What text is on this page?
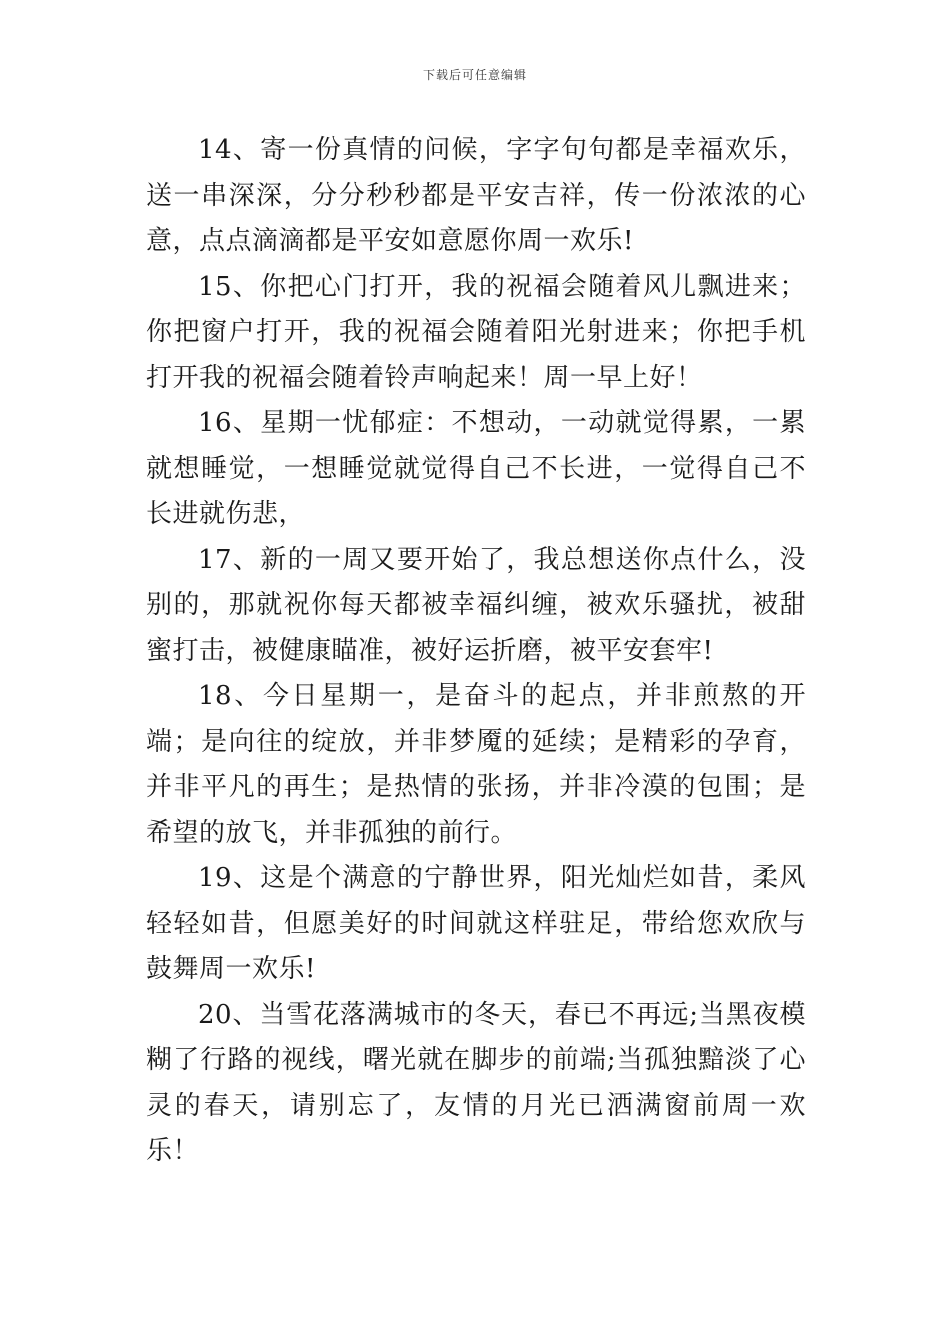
下载后可任意编辑

14、寄一份真情的问候，字字句句都是幸福欢乐，送一串深深，分分秒秒都是平安吉祥，传一份浓浓的心意，点点滴滴都是平安如意愿你周一欢乐!

15、你把心门打开，我的祝福会随着风儿飘进来；你把窗户打开，我的祝福会随着阳光射进来；你把手机打开我的祝福会随着铃声响起来！周一早上好！

16、星期一忧郁症：不想动，一动就觉得累，一累就想睡觉，一想睡觉就觉得自己不长进，一觉得自己不长进就伤悲，

17、新的一周又要开始了，我总想送你点什么，没别的，那就祝你每天都被幸福纠缠，被欢乐骚扰，被甜蜜打击，被健康瞄准，被好运折磨，被平安套牢!

18、今日星期一，是奋斗的起点，并非煎熬的开端；是向往的绽放，并非梦魇的延续；是精彩的孕育，并非平凡的再生；是热情的张扬，并非冷漠的包围；是希望的放飞，并非孤独的前行。

19、这是个满意的宁静世界，阳光灿烂如昔，柔风轻轻如昔，但愿美好的时间就这样驻足，带给您欢欣与鼓舞周一欢乐!

20、当雪花落满城市的冬天，春已不再远;当黑夜模糊了行路的视线，曙光就在脚步的前端;当孤独黯淡了心灵的春天，请别忘了，友情的月光已洒满窗前周一欢乐！
